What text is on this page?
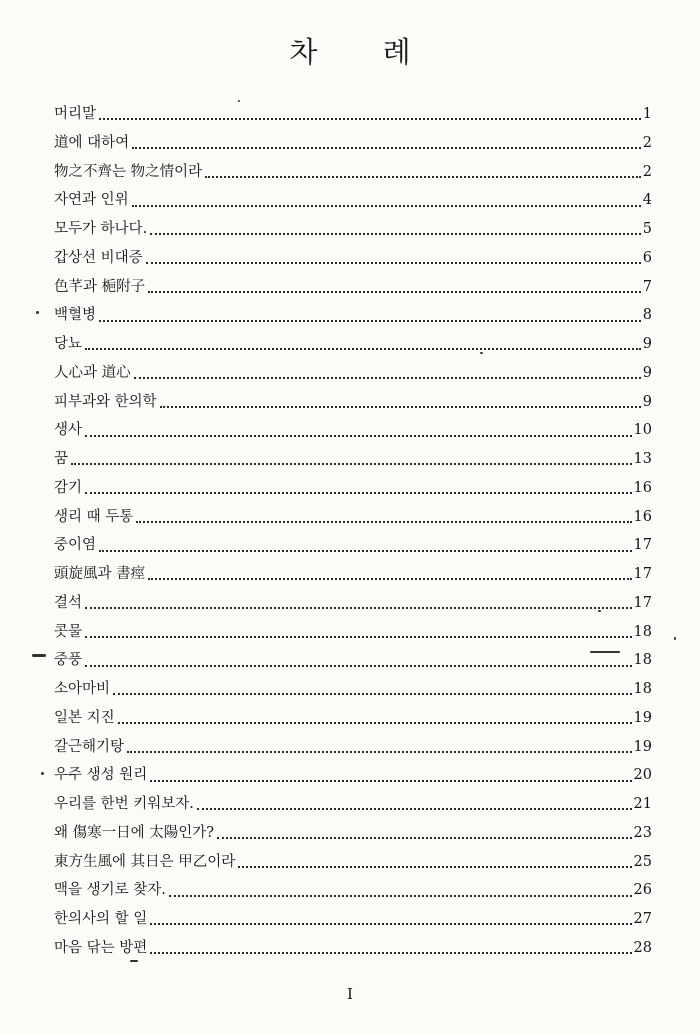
차 례
머리말	1
道에 대하여	2
物之不齊는 物之情이라	2
자연과 인위	4
모두가 하나다.	5
갑상선 비대증	6
色芊과 梔附子	7
백혈병	8
당뇨	9
人心과 道心	9
피부과와 한의학	9
생사	10
꿈	13
감기	16
생리 때 두통	16
중이염	17
頭旋風과 書痙	17
결석	17
콧물	18
중풍	18
소아마비	18
일본 지진	19
갈근해기탕	19
우주 생성 원리	20
우리를 한번 키워보자.	21
왜 傷寒一日에 太陽인가?	23
東方生風에 其日은 甲乙이라	25
맥을 생기로 찾자.	26
한의사의 할 일	27
마음 닦는 방편	28
I
